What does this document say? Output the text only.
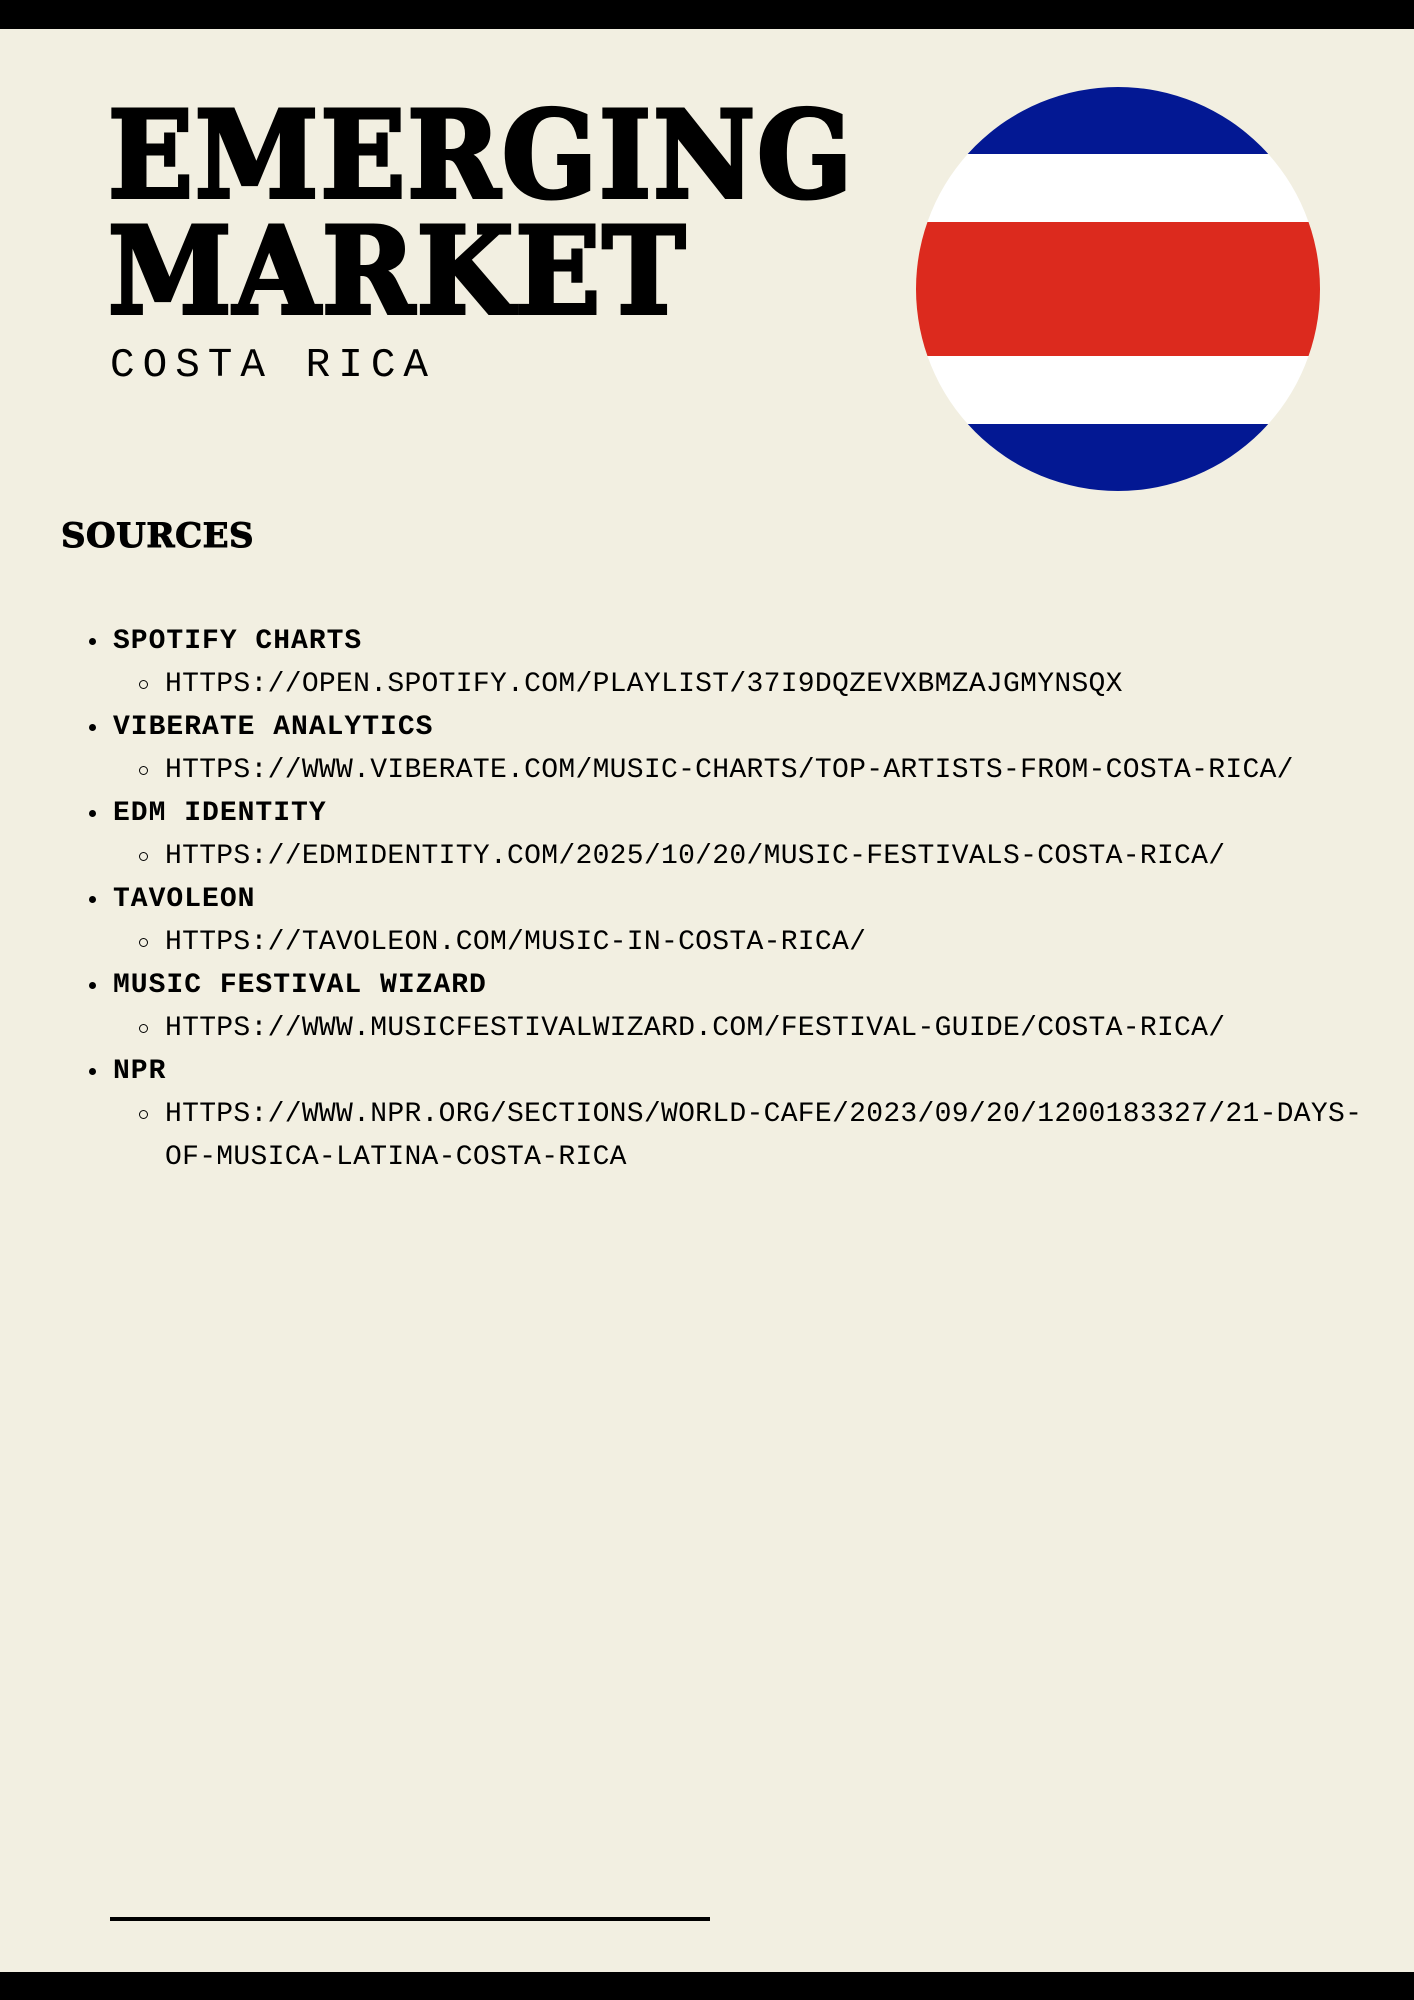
EMERGING
MARKET

COSTA RICA

SOURCES
SPOTIFY CHARTS
HTTPS://OPEN.SPOTIFY.COM/PLAYLIST/37I9DQZEVXBMZAJGMYNSQX
VIBERATE ANALYTICS
HTTPS://WWW.VIBERATE.COM/MUSIC-CHARTS/TOP-ARTISTS-FROM-COSTA-RICA/
EDM IDENTITY
HTTPS://EDMIDENTITY.COM/2025/10/20/MUSIC-FESTIVALS-COSTA-RICA/
TAVOLEON
HTTPS://TAVOLEON.COM/MUSIC-IN-COSTA-RICA/
MUSIC FESTIVAL WIZARD
HTTPS://WWW.MUSICFESTIVALWIZARD.COM/FESTIVAL-GUIDE/COSTA-RICA/
NPR
HTTPS://WWW.NPR.ORG/SECTIONS/WORLD-CAFE/2023/09/20/1200183327/21-DAYS-OF-MUSICA-LATINA-COSTA-RICA
